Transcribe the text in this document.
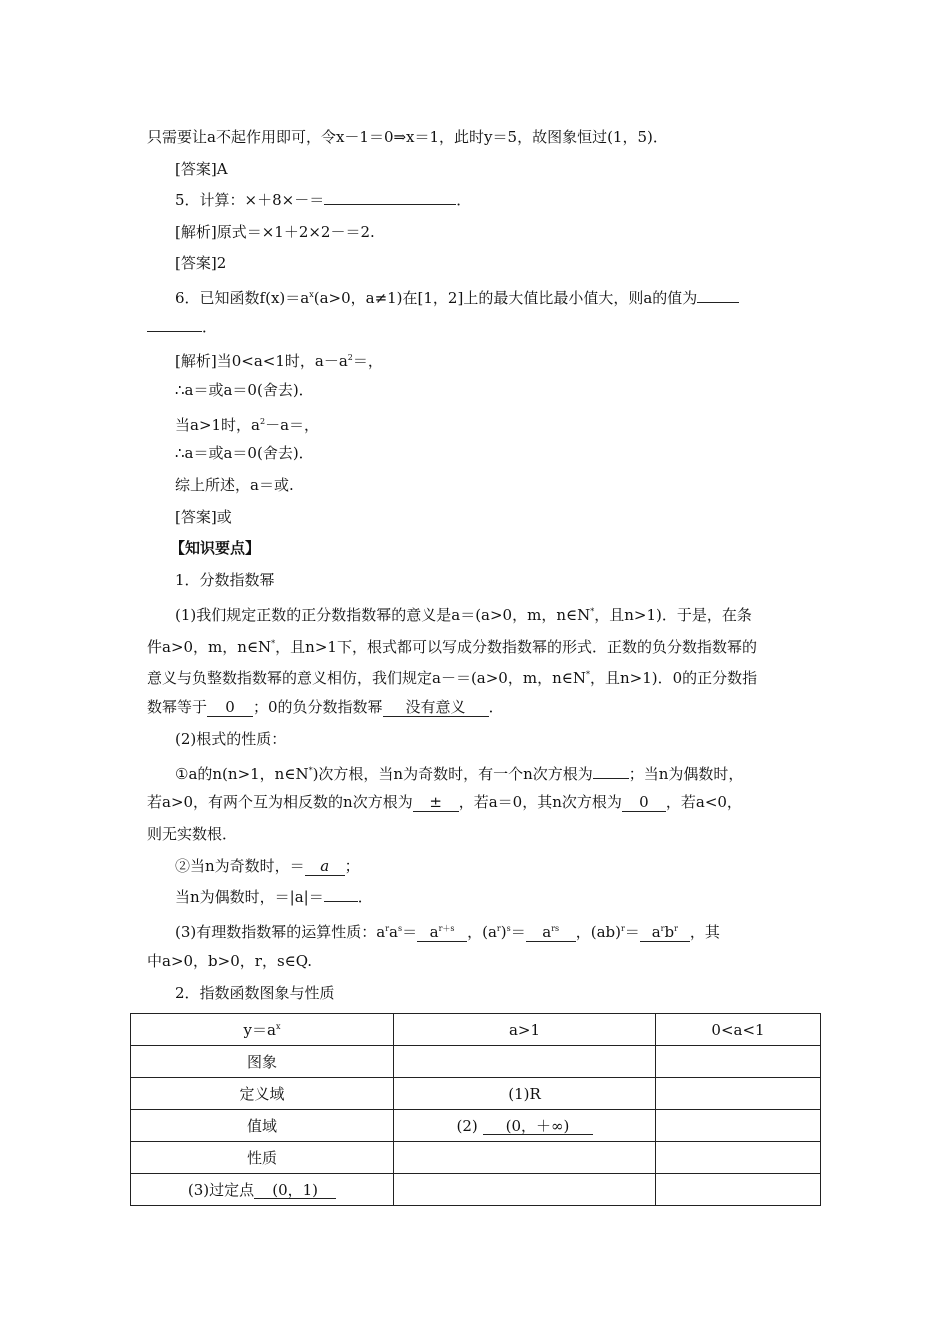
只需要让a不起作用即可，令x－1＝0⇒x＝1，此时y＝5，故图象恒过(1，5)．
[答案]A
5．计算：×＋8×－＝	．
[解析]原式＝×1＋2×2－＝2.
[答案]2
6．已知函数$f(x)=a^x(a>0$，a≠1)在[1，2]上的最大值比最小值大，则a的值为
．
[解析]当0<a<1时，$a-a^2=$，
∴a＝或a＝0(舍去)．
当a>1时，$a^2-a=$，
∴a＝或a＝0(舍去)．
综上所述，a＝或.
[答案]或
【知识要点】
1．分数指数幂
(1)我们规定正数的正分数指数幂的意义是a＝(a>0，m，n∈N*，且n>1)．于是，在条
件a>0，m，n∈N*，且n>1下，根式都可以写成分数指数幂的形式．正数的负分数指数幂的
意义与负整数指数幂的意义相仿，我们规定a－＝(a>0，m，n∈N*，且n>1)．0的正分数指
数幂等于 0 ；0的负分数指数幂 没有意义 ．
(2)根式的性质：
①a的n(n>1，n∈N*)次方根，当n为奇数时，有一个n次方根为 ；当n为偶数时，
若a>0，有两个互为相反数的n次方根为 ± ，若a＝0，其n次方根为 0 ，若a<0，
则无实数根．
②当n为奇数时，＝ a ；
当n为偶数时，＝|a|＝ ．
(3)有理数指数幂的运算性质：$a^ra^s= a^{r+s}$ ，$(a^r)^s= a^{rs}$ ，$(ab)^r= a^rb^r$ ，其
中a>0，b>0，r，s∈Q.
2．指数函数图象与性质
$y=a^x$	a>1	0<a<1
图象		
定义域	(1)R	
值域	(2) (0，＋∞)	
性质		
(3)过定点 (0，1)		
